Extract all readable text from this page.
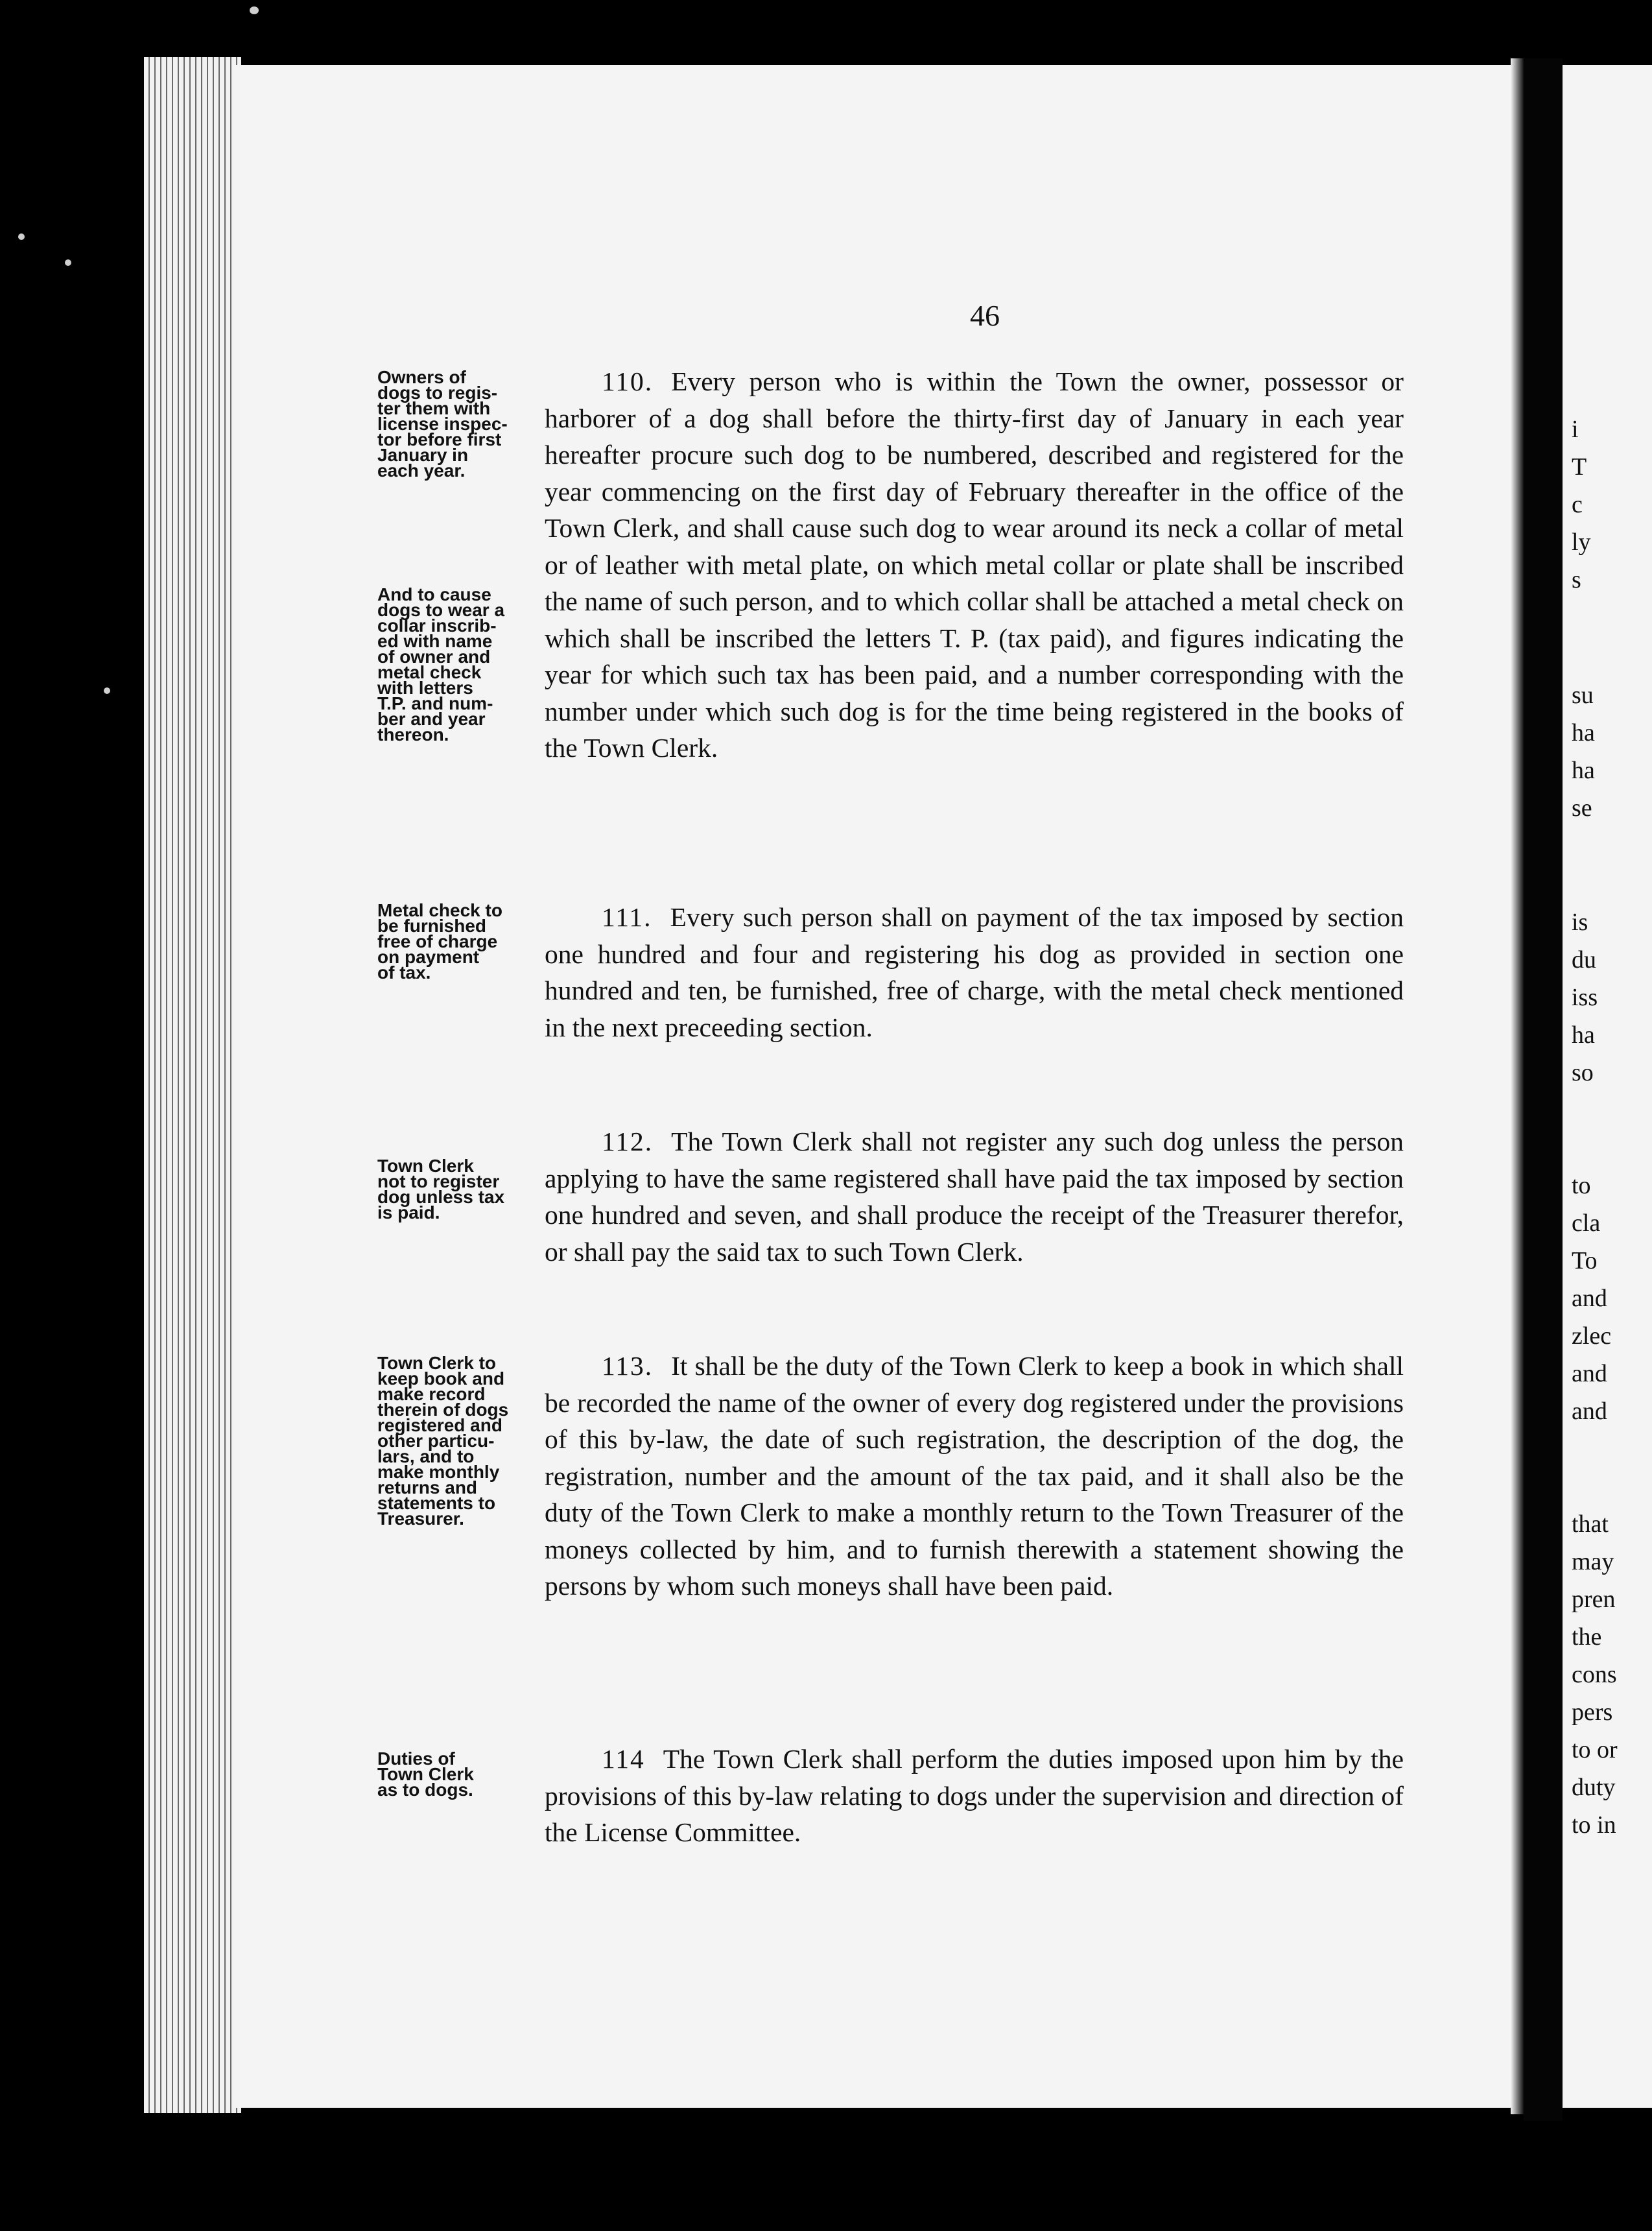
i
T
c
ly
s
su
ha
ha
se
is
du
iss
ha
so
to
cla
To
and
zlec
and
and
that
may
pren
the
cons
pers
to or
duty
to in
46
Owners of
dogs to regis-
ter them with
license inspec-
tor before first
January in
each year.
And to cause
dogs to wear a
collar inscrib-
ed with name
of owner and
metal check
with letters
T.P. and num-
ber and year
thereon.
110. Every person who is within the Town the owner, possessor or harborer of a dog shall before the thirty-first day of January in each year hereafter procure such dog to be numbered, described and registered for the year commencing on the first day of February thereafter in the office of the Town Clerk, and shall cause such dog to wear around its neck a collar of metal or of leather with metal plate, on which metal collar or plate shall be inscribed the name of such person, and to which collar shall be attached a metal check on which shall be inscribed the letters T. P. (tax paid), and figures indicating the year for which such tax has been paid, and a number corresponding with the number under which such dog is for the time being registered in the books of the Town Clerk.
Metal check to
be furnished
free of charge
on payment
of tax.
111. Every such person shall on payment of the tax imposed by section one hundred and four and registering his dog as provided in section one hundred and ten, be furnished, free of charge, with the metal check mentioned in the next preceeding section.
Town Clerk
not to register
dog unless tax
is paid.
112. The Town Clerk shall not register any such dog unless the person applying to have the same registered shall have paid the tax imposed by section one hundred and seven, and shall produce the receipt of the Treasurer therefor, or shall pay the said tax to such Town Clerk.
Town Clerk to
keep book and
make record
therein of dogs
registered and
other particu-
lars, and to
make monthly
returns and
statements to
Treasurer.
113. It shall be the duty of the Town Clerk to keep a book in which shall be recorded the name of the owner of every dog registered under the provisions of this by-law, the date of such registration, the description of the dog, the registration, number and the amount of the tax paid, and it shall also be the duty of the Town Clerk to make a monthly return to the Town Treasurer of the moneys collected by him, and to furnish therewith a statement showing the persons by whom such moneys shall have been paid.
Duties of
Town Clerk
as to dogs.
114 The Town Clerk shall perform the duties imposed upon him by the provisions of this by-law relating to dogs under the supervision and direction of the License Committee.
